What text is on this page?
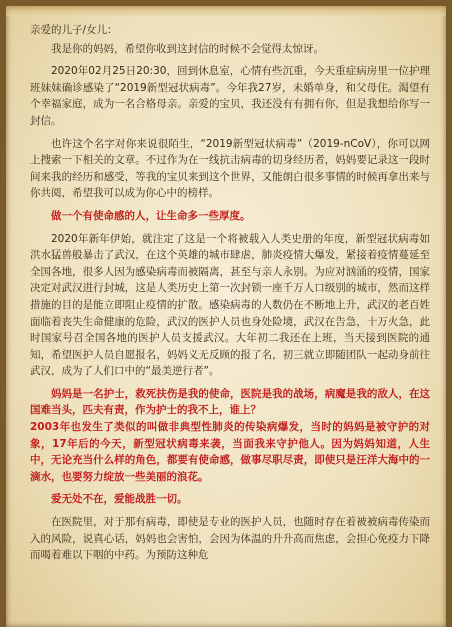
亲爱的儿子/女儿：

我是你的妈妈，希望你收到这封信的时候不会觉得太惊讶。

2020年02月25日20:30，回到休息室，心情有些沉重，今天重症病房里一位护理班妹妹确诊感染了“2019新型冠状病毒”。今年我27岁，未婚单身，和父母住。渴望有个幸福家庭，成为一名合格母亲。亲爱的宝贝，我还没有有拥有你，但是我想给你写一封信。

也许这个名字对你来说很陌生，“2019新型冠状病毒”（2019-nCoV），你可以网上搜索一下相关的文章。不过作为在一线抗击病毒的切身经历者，妈妈要记录这一段时间来我的经历和感受，等我的宝贝来到这个世界，又能朗白很多事情的时候再拿出来与你共阅，希望我可以成为你心中的榜样。

做一个有使命感的人，让生命多一些厚度。

2020年新年伊始，就注定了这是一个将被载入人类史册的年度，新型冠状病毒如洪水猛兽般暴击了武汉，在这个英雄的城市肆虐，肺炎疫情大爆发，紧接着疫情蔓延至全国各地，很多人因为感染病毒而被隔离，甚至与亲人永别。为应对汹涌的疫情，国家决定对武汉进行封城，这是人类历史上第一次封锁一座千万人口级别的城市，然而这样措施的目的是能立即阻止疫情的扩散。感染病毒的人数仍在不断地上升，武汉的老百姓面临着丧失生命健康的危险，武汉的医护人员也身处险境，武汉在告急，十万火急，此时国家号召全国各地的医护人员支援武汉。大年初二我还在上班，当天接到医院的通知，希望医护人员自愿报名，妈妈义无反顾的报了名，初三就立即随团队一起动身前往武汉，成为了人们口中的“最美逆行者”。

妈妈是一名护士，救死扶伤是我的使命，医院是我的战场，病魔是我的敌人，在这国难当头，匹夫有责，作为护士的我不上，谁上？
2003年也发生了类似的叫做非典型性肺炎的传染病爆发，当时的妈妈是被守护的对象，17年后的今天，新型冠状病毒来袭，当面我来守护他人。因为妈妈知道，人生中，无论充当什么样的角色，都要有使命感，做事尽职尽责，即使只是汪洋大海中的一滴水，也要努力绽放一些美丽的浪花。

爱无处不在，爱能战胜一切。

在医院里，对于那有病毒，即使是专业的医护人员，也随时存在着被被病毒传染而入的风险，说真心话，妈妈也会害怕，会因为体温的升升高而焦虑，会担心免疫力下降而喝着难以下咽的中药。为预防这种危
